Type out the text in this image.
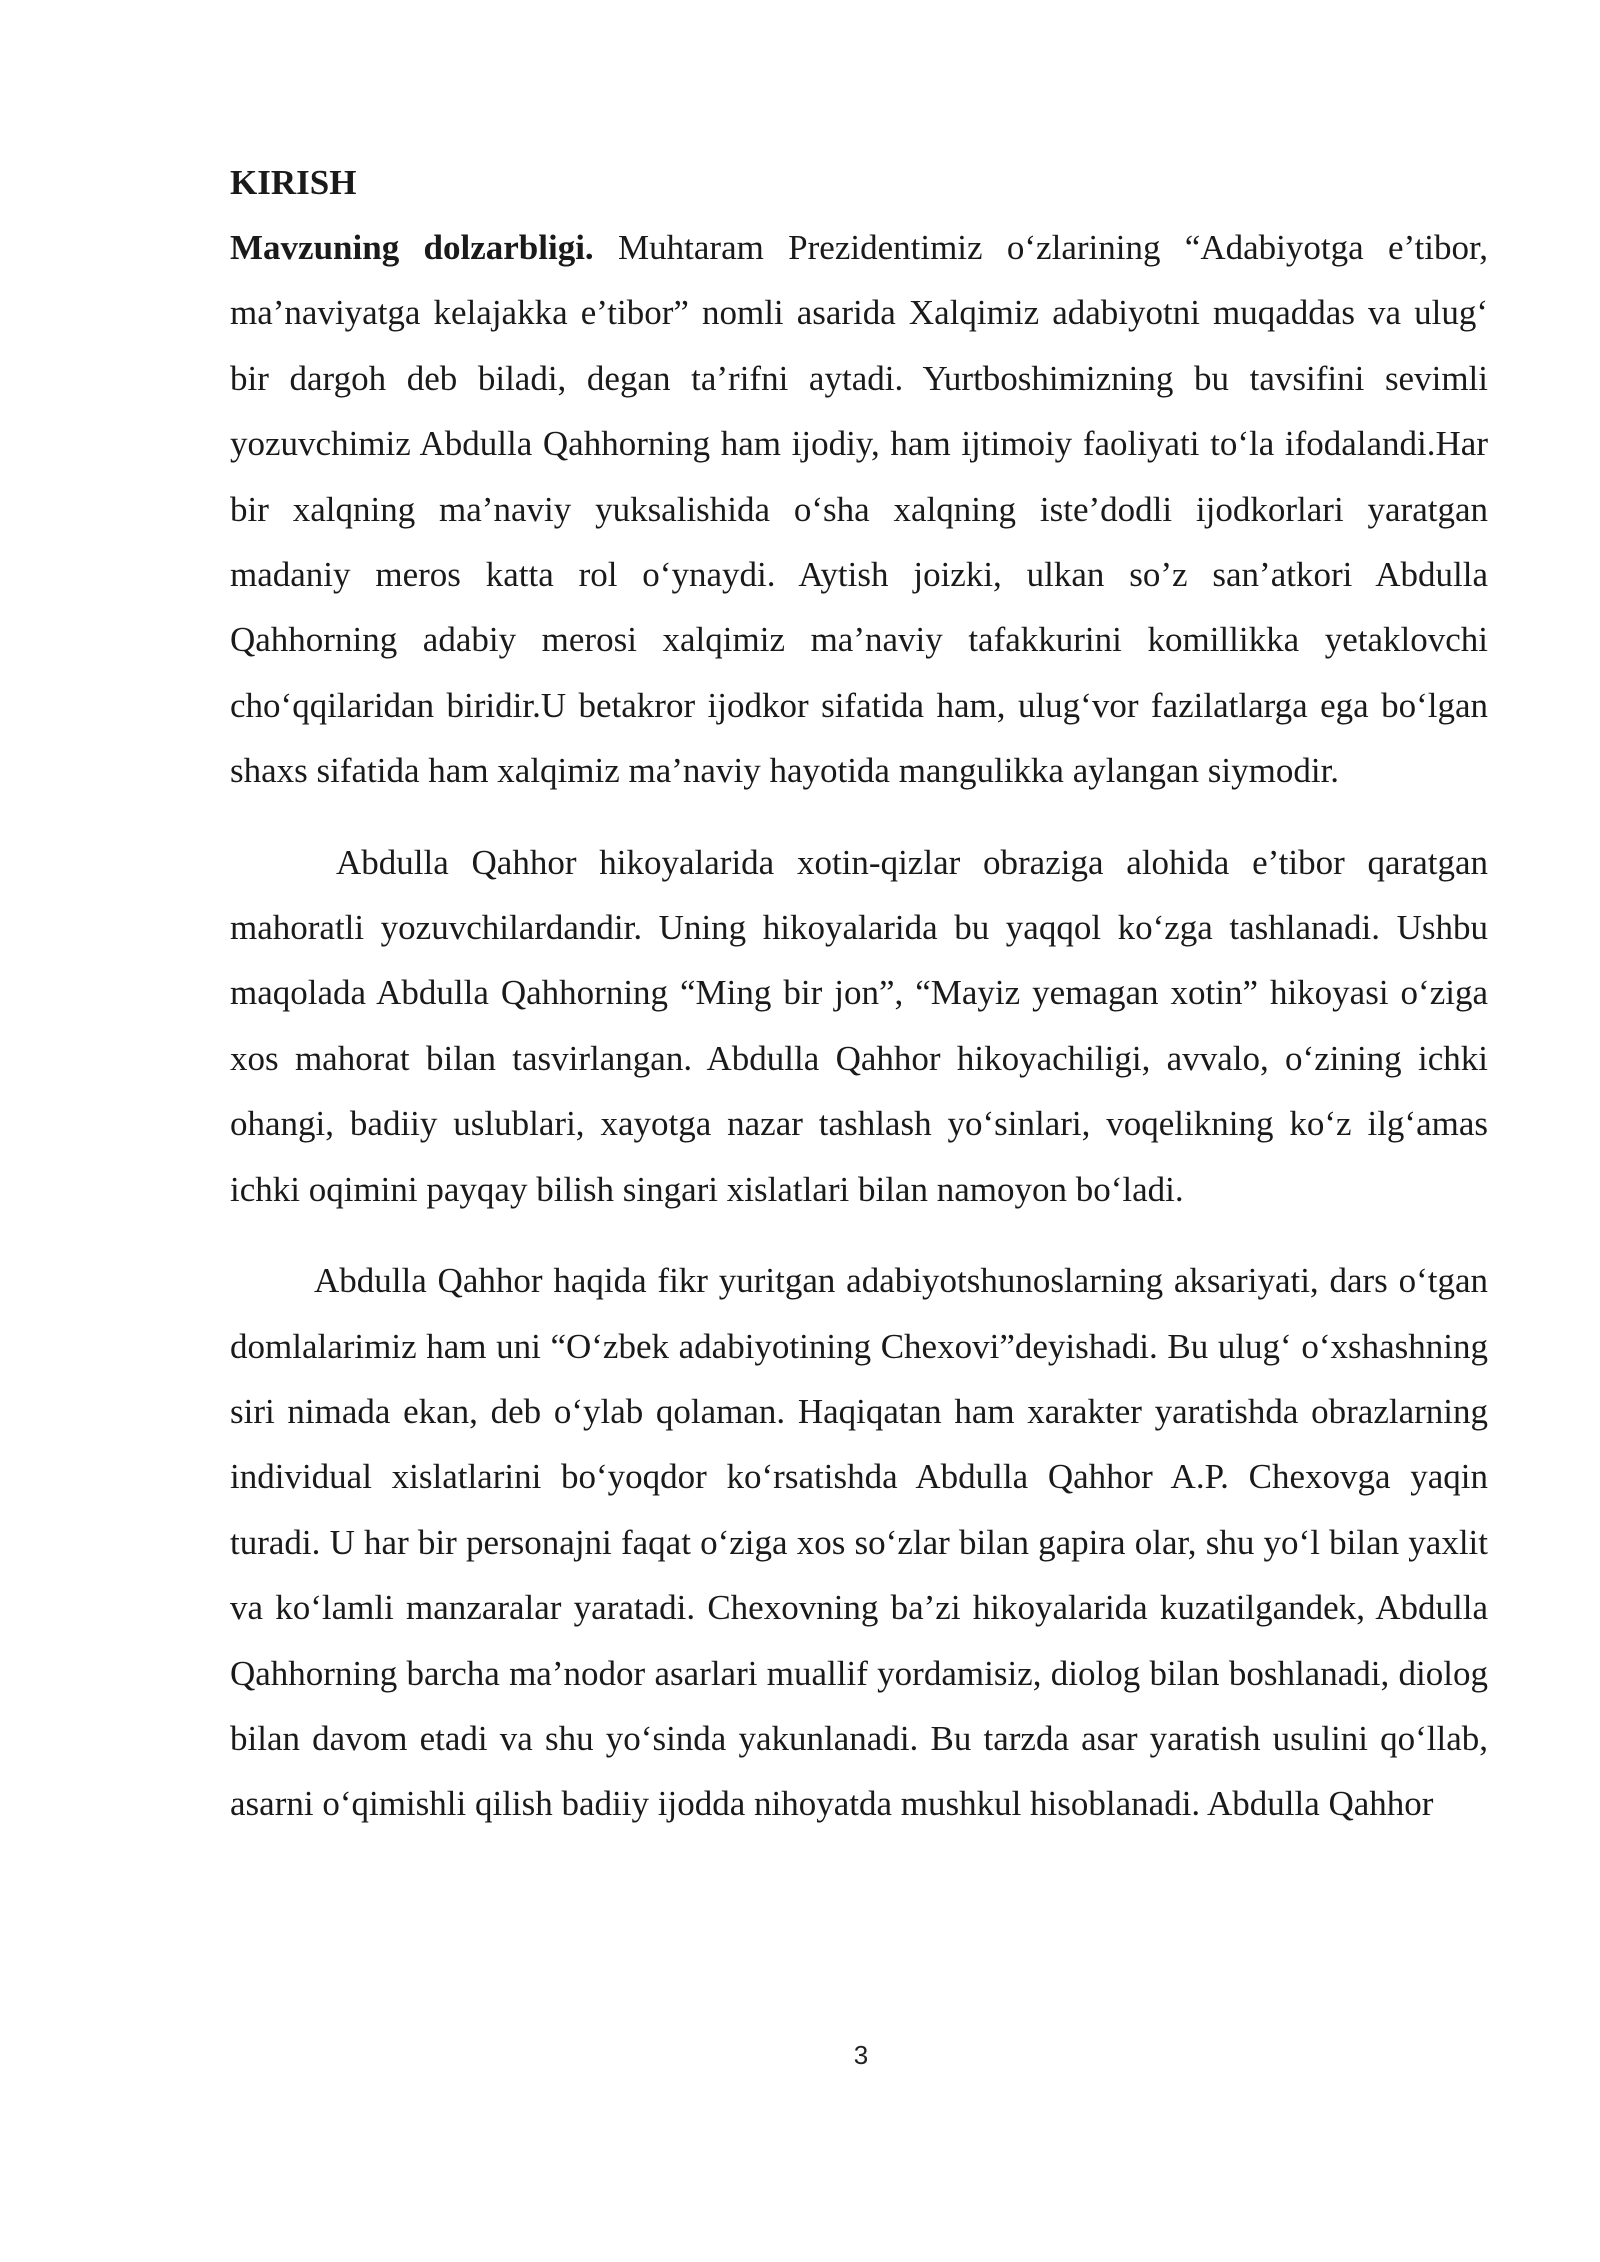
KIRISH

Mavzuning dolzarbligi. Muhtaram Prezidentimiz o‘zlarining “Adabiyotga e’tibor, ma’naviyatga kelajakka e’tibor” nomli asarida Xalqimiz adabiyotni muqaddas va ulug‘ bir dargoh deb biladi, degan ta’rifni aytadi. Yurtboshimizning bu tavsifini sevimli yozuvchimiz Abdulla Qahhorning ham ijodiy, ham ijtimoiy faoliyati to‘la ifodalandi.Har bir xalqning ma’naviy yuksalishida o‘sha xalqning iste’dodli ijodkorlari yaratgan madaniy meros katta rol o‘ynaydi. Aytish joizki, ulkan so’z san’atkori Abdulla Qahhorning adabiy merosi xalqimiz ma’naviy tafakkurini komillikka yetaklovchi cho‘qqilaridan biridir.U betakror ijodkor sifatida ham, ulug‘vor fazilatlarga ega bo‘lgan shaxs sifatida ham xalqimiz ma’naviy hayotida mangulikka aylangan siymodir.

Abdulla Qahhor hikoyalarida xotin-qizlar obraziga alohida e’tibor qaratgan mahoratli yozuvchilardandir. Uning hikoyalarida bu yaqqol ko‘zga tashlanadi. Ushbu maqolada Abdulla Qahhorning “Ming bir jon”, “Mayiz yemagan xotin” hikoyasi o‘ziga xos mahorat bilan tasvirlangan. Abdulla Qahhor hikoyachiligi, avvalo, o‘zining ichki ohangi, badiiy uslublari, xayotga nazar tashlash yo‘sinlari, voqelikning ko‘z ilg‘amas ichki oqimini payqay bilish singari xislatlari bilan namoyon bo‘ladi.

Abdulla Qahhor haqida fikr yuritgan adabiyotshunoslarning aksariyati, dars o‘tgan domlalarimiz ham uni “O‘zbek adabiyotining Chexovi”deyishadi. Bu ulug‘ o‘xshashning siri nimada ekan, deb o‘ylab qolaman. Haqiqatan ham xarakter yaratishda obrazlarning individual xislatlarini bo‘yoqdor ko‘rsatishda Abdulla Qahhor A.P. Chexovga yaqin turadi. U har bir personajni faqat o‘ziga xos so‘zlar bilan gapira olar, shu yo‘l bilan yaxlit va ko‘lamli manzaralar yaratadi. Chexovning ba’zi hikoyalarida kuzatilgandek, Abdulla Qahhorning barcha ma’nodor asarlari muallif yordamisiz, diolog bilan boshlanadi, diolog bilan davom etadi va shu yo‘sinda yakunlanadi. Bu tarzda asar yaratish usulini qo‘llab, asarni o‘qimishli qilish badiiy ijodda nihoyatda mushkul hisoblanadi. Abdulla Qahhor

3
